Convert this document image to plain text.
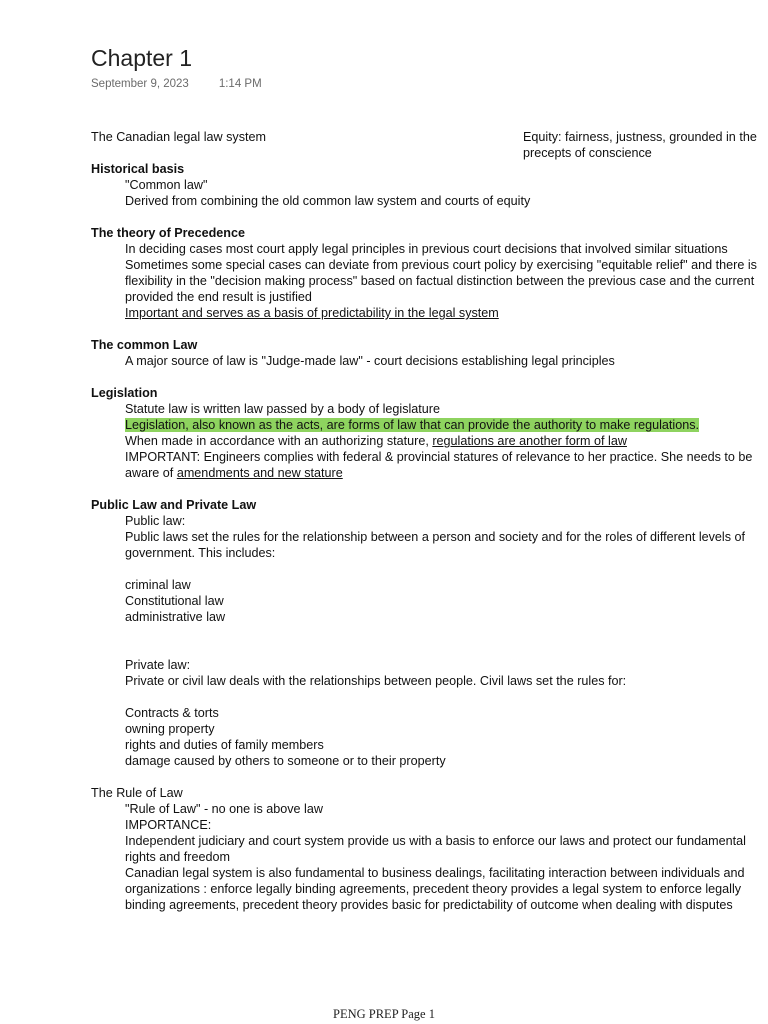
Chapter 1
September 9, 2023	1:14 PM
Equity: fairness, justness, grounded in the precepts of conscience
The Canadian legal law system
Historical basis
"Common law"
Derived from combining the old common law system and courts of equity
The theory of Precedence
In deciding cases most court apply legal principles in previous court decisions that involved similar situations
Sometimes some special cases can deviate from previous court policy by exercising "equitable relief" and there is flexibility in the "decision making process" based on factual distinction between the previous case and the current provided the end result is justified
Important and serves as a basis of predictability in the legal system
The common Law
A major source of law is "Judge-made law" - court decisions establishing legal principles
Legislation
Statute law is written law passed by a body of legislature
Legislation, also known as the acts, are forms of law that can provide the authority to make regulations.
When made in accordance with an authorizing stature, regulations are another form of law
IMPORTANT: Engineers complies with federal & provincial statures of relevance to her practice. She needs to be aware of amendments and new stature
Public Law and Private Law
Public law:
Public laws set the rules for the relationship between a person and society and for the roles of different levels of government. This includes:
criminal law
Constitutional law
administrative law
Private law:
Private or civil law deals with the relationships between people. Civil laws set the rules for:
Contracts & torts
owning property
rights and duties of family members
damage caused by others to someone or to their property
The Rule of Law
"Rule of Law" - no one is above law
IMPORTANCE:
Independent judiciary and court system provide us with a basis to enforce our laws and protect our fundamental rights and freedom
Canadian legal system is also fundamental to business dealings, facilitating interaction between individuals and organizations : enforce legally binding agreements, precedent theory provides a legal system to enforce legally binding agreements, precedent theory provides basic for predictability of outcome when dealing with disputes
PENG PREP Page 1
